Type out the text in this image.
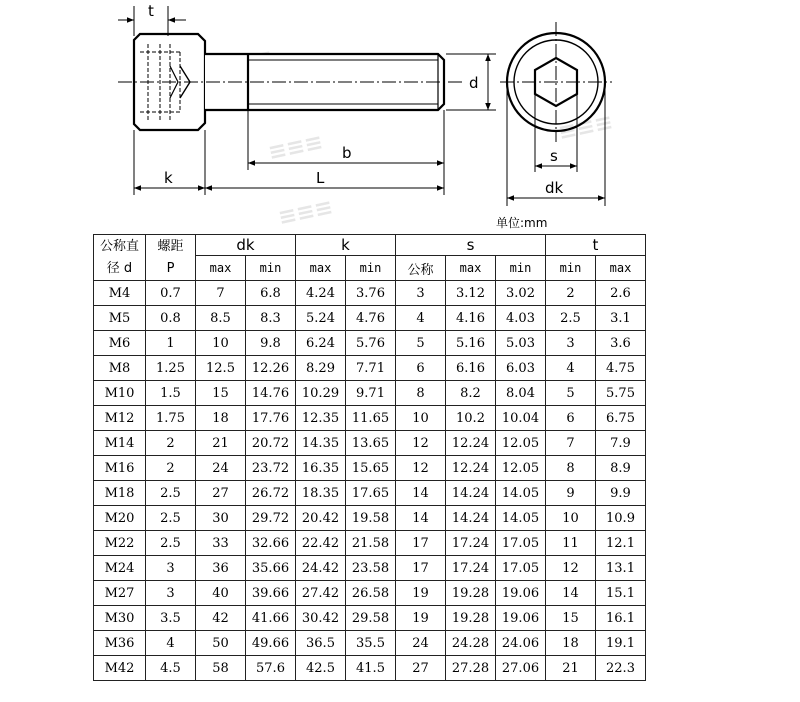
≡≡≡
≡≡≡
≡≡≡
t
k	L
b
d
s
dk
单位:mm
公称直
径 d	螺距
P	dk		k		s			t	
		max	min	max	min	公称	max	min	min	max
M4	0.7	7	6.8	4.24	3.76	3	3.12	3.02	2	2.6
M5	0.8	8.5	8.3	5.24	4.76	4	4.16	4.03	2.5	3.1
M6	1	10	9.8	6.24	5.76	5	5.16	5.03	3	3.6
M8	1.25	12.5	12.26	8.29	7.71	6	6.16	6.03	4	4.75
M10	1.5	15	14.76	10.29	9.71	8	8.2	8.04	5	5.75
M12	1.75	18	17.76	12.35	11.65	10	10.2	10.04	6	6.75
M14	2	21	20.72	14.35	13.65	12	12.24	12.05	7	7.9
M16	2	24	23.72	16.35	15.65	12	12.24	12.05	8	8.9
M18	2.5	27	26.72	18.35	17.65	14	14.24	14.05	9	9.9
M20	2.5	30	29.72	20.42	19.58	14	14.24	14.05	10	10.9
M22	2.5	33	32.66	22.42	21.58	17	17.24	17.05	11	12.1
M24	3	36	35.66	24.42	23.58	17	17.24	17.05	12	13.1
M27	3	40	39.66	27.42	26.58	19	19.28	19.06	14	15.1
M30	3.5	42	41.66	30.42	29.58	19	19.28	19.06	15	16.1
M36	4	50	49.66	36.5	35.5	24	24.28	24.06	18	19.1
M42	4.5	58	57.6	42.5	41.5	27	27.28	27.06	21	22.3
